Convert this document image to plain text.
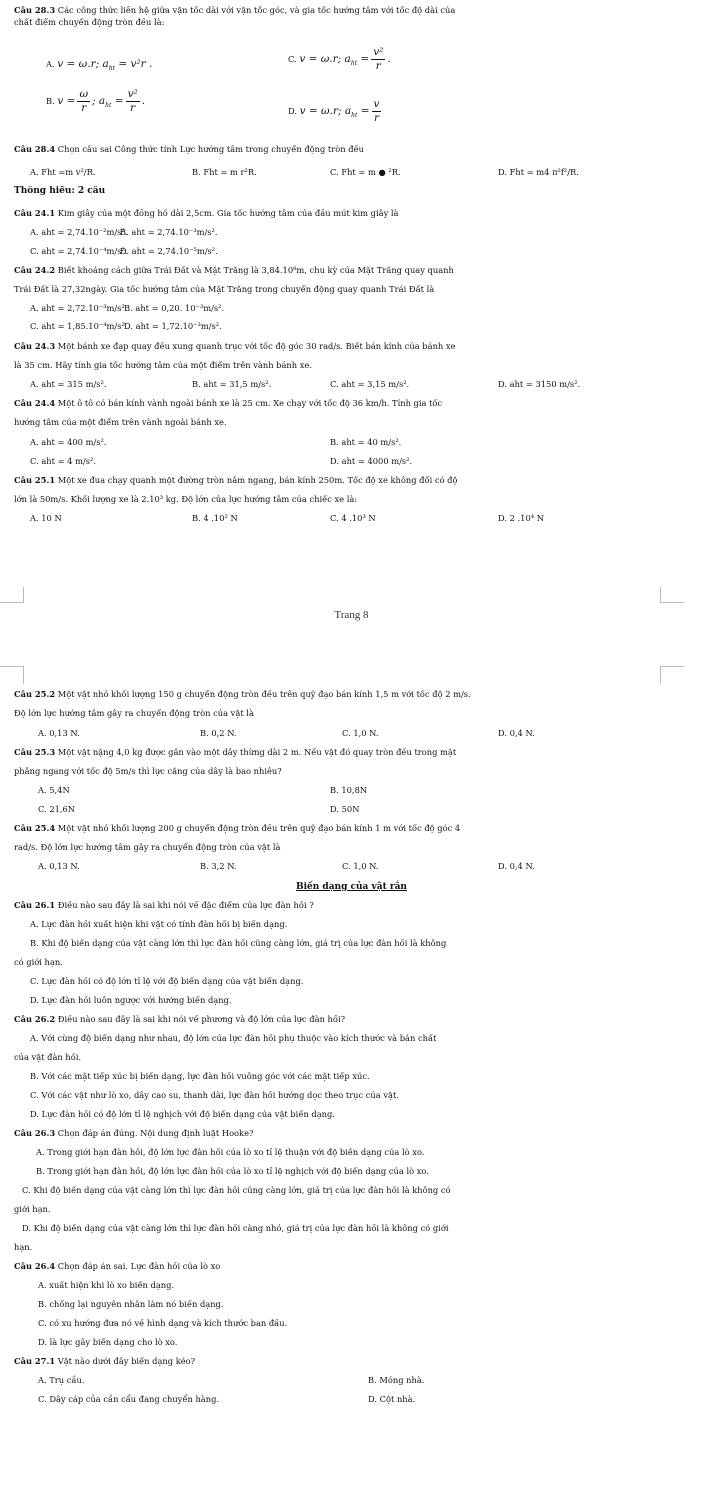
Câu 28.3 Các công thức liên hệ giữa vận tốc dài với vận tốc góc, và gia tốc hướng tâm với tốc độ dài của
chất điểm chuyển động tròn đều là:
A. v = ω.r; $a_{ht} = v^2r$ .	C. v = ω.r; $a_{ht} = \frac{\text{v²}}{r}$ .
B. $v = \frac{\omega}{r}$ ; $a_{ht} = \frac{\text{v²}}{r}$ .
D. v = ω.r; $a_{ht} = \frac{v}{r}$
Câu 28.4 Chọn câu sai Công thức tính Lực hướng tâm trong chuyển động tròn đều
A. Fht =m v²/R.	B. Fht = m r²R.	C. Fht = m ● ²R.	D. Fht = m4 π²f²/R.
Thông hiểu: 2 câu
Câu 24.1 Kim giây của một đồng hồ dài 2,5cm. Gia tốc hướng tâm của đầu mút kim giây là
A. aht = 2,74.10⁻²m/s².
B. aht = 2,74.10⁻³m/s².
C. aht = 2,74.10⁻⁴m/s².
D. aht = 2,74.10⁻⁵m/s².
Câu 24.2 Biết khoảng cách giữa Trái Đất và Mặt Trăng là 3,84.10⁸m, chu kỳ của Mặt Trăng quay quanh
Trái Đất là 27,32ngày. Gia tốc hướng tâm của Mặt Trăng trong chuyển động quay quanh Trái Đất là
A. aht = 2,72.10⁻³m/s².
B. aht = 0,20. 10⁻³m/s².
C. aht = 1,85.10⁻⁴m/s².
D. aht = 1,72.10⁻³m/s².
Câu 24.3 Một bánh xe đạp quay đều xung quanh trục với tốc độ góc 30 rad/s. Biết bán kính của bánh xe
là 35 cm. Hãy tính gia tốc hướng tâm của một điểm trên vành bánh xe.
A. aht = 315 m/s².	B. aht = 31,5 m/s².	C. aht = 3,15 m/s².	D. aht = 3150 m/s².
Câu 24.4 Một ô tô có bán kính vành ngoài bánh xe là 25 cm. Xe chạy với tốc độ 36 km/h. Tính gia tốc
hướng tâm của một điểm trên vành ngoài bánh xe.
A. aht = 400 m/s².	B. aht = 40 m/s².
C. aht = 4 m/s².	D. aht = 4000 m/s².
Câu 25.1 Một xe đua chạy quanh một đường tròn nằm ngang, bán kính 250m. Tốc độ xe không đổi có độ
lớn là 50m/s. Khối lượng xe là 2.10³ kg. Độ lớn của lực hướng tâm của chiếc xe là:
A. 10 N	B. 4 .10² N	C. 4 .10³ N	D. 2 .10⁴ N
Trang 8
Câu 25.2 Một vật nhỏ khối lượng 150 g chuyển động tròn đều trên quỹ đạo bán kính 1,5 m với tốc độ 2 m/s.
Độ lớn lực hướng tâm gây ra chuyển động tròn của vật là
A. 0,13 N.	B. 0,2 N.	C. 1,0 N.	D. 0,4 N.
Câu 25.3 Một vật nặng 4,0 kg được gắn vào một dây thừng dài 2 m. Nếu vật đó quay tròn đều trong mặt
phẳng ngang với tốc độ 5m/s thì lực căng của dây là bao nhiêu?
A. 5,4N	B. 10,8N
C. 21,6N	D. 50N
Câu 25.4 Một vật nhỏ khối lượng 200 g chuyển động tròn đều trên quỹ đạo bán kính 1 m với tốc độ góc 4
rad/s. Độ lớn lực hướng tâm gây ra chuyển động tròn của vật là
A. 0,13 N.	B. 3,2 N.	C. 1,0 N.	D. 0,4 N.
Biến dạng của vật rắn
Câu 26.1 Điều nào sau đây là sai khi nói về đặc điểm của lực đàn hồi ?
A. Lực đàn hồi xuất hiện khi vật có tính đàn hồi bị biến dạng.
B. Khi độ biến dạng của vật càng lớn thì lực đàn hồi cũng càng lớn, giá trị của lực đàn hồi là không
có giới hạn.
C. Lực đàn hồi có độ lớn tỉ lệ với độ biến dạng của vật biến dạng.
D. Lực đàn hồi luôn ngược với hướng biến dạng.
Câu 26.2 Điều nào sau đây là sai khi nói về phương và độ lớn của lực đàn hồi?
A. Với cùng độ biến dạng như nhau, độ lớn của lực đàn hồi phụ thuộc vào kích thước và bản chất
của vật đàn hồi.
B. Với các mặt tiếp xúc bị biến dạng, lực đàn hồi vuông góc với các mặt tiếp xúc.
C. Với các vật như lò xo, dây cao su, thanh dài, lực đàn hồi hướng dọc theo trục của vật.
D. Lực đàn hồi có độ lớn tỉ lệ nghịch với độ biến dạng của vật biến dạng.
Câu 26.3 Chọn đáp án đúng. Nội dung định luật Hooke?
A. Trong giới hạn đàn hồi, độ lớn lực đàn hồi của lò xo tỉ lệ thuận với độ biến dạng của lò xo.
B. Trong giới hạn đàn hồi, độ lớn lực đàn hồi của lò xo tỉ lệ nghịch với độ biến dạng của lò xo.
C. Khi độ biến dạng của vật càng lớn thì lực đàn hồi cũng càng lớn, giá trị của lực đàn hồi là không có
giới hạn.
D. Khi độ biến dạng của vật càng lớn thì lực đàn hồi càng nhỏ, giá trị của lực đàn hồi là không có giới
hạn.
Câu 26.4 Chọn đáp án sai. Lực đàn hồi của lò xo
A. xuất hiện khi lò xo biến dạng.
B. chống lại nguyên nhân làm nó biến dạng.
C. có xu hướng đưa nó về hình dạng và kích thước ban đầu.
D. là lực gây biến dạng cho lò xo.
Câu 27.1 Vật nào dưới đây biến dạng kéo?
A. Trụ cầu.	B. Móng nhà.
C. Dây cáp của cần cẩu đang chuyển hàng.	D. Cột nhà.
